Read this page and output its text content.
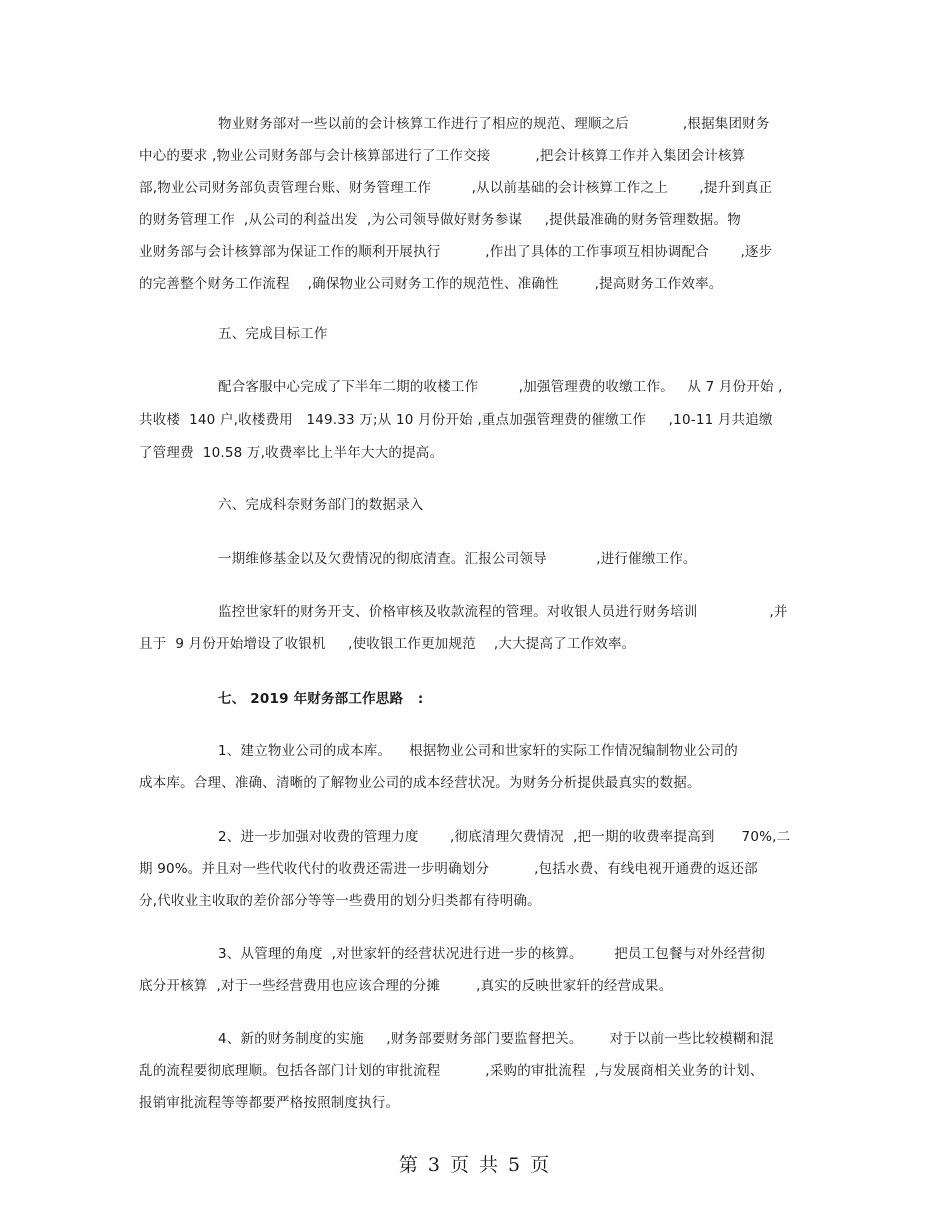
物业财务部对一些以前的会计核算工作进行了相应的规范、理顺之后            ,根据集团财务
中心的要求 ,物业公司财务部与会计核算部进行了工作交接          ,把会计核算工作并入集团会计核算
部,物业公司财务部负责管理台账、财务管理工作         ,从以前基础的会计核算工作之上       ,提升到真正
的财务管理工作  ,从公司的利益出发  ,为公司领导做好财务参谋     ,提供最准确的财务管理数据。物
业财务部与会计核算部为保证工作的顺利开展执行          ,作出了具体的工作事项互相协调配合       ,逐步
的完善整个财务工作流程    ,确保物业公司财务工作的规范性、准确性        ,提高财务工作效率。
五、完成目标工作
配合客服中心完成了下半年二期的收楼工作         ,加强管理费的收缴工作。   从 7 月份开始 ,
共收楼  140 户,收楼费用   149.33 万;从 10 月份开始 ,重点加强管理费的催缴工作     ,10-11 月共追缴
了管理费  10.58 万,收费率比上半年大大的提高。
六、完成科奈财务部门的数据录入
一期维修基金以及欠费情况的彻底清查。汇报公司领导           ,进行催缴工作。
监控世家轩的财务开支、价格审核及收款流程的管理。对收银人员进行财务培训                ,并
且于  9 月份开始增设了收银机     ,使收银工作更加规范    ,大大提高了工作效率。
七、 2019 年财务部工作思路   :
1、建立物业公司的成本库。    根据物业公司和世家轩的实际工作情况编制物业公司的
成本库。合理、准确、清晰的了解物业公司的成本经营状况。为财务分析提供最真实的数据。
2、进一步加强对收费的管理力度       ,彻底清理欠费情况  ,把一期的收费率提高到      70%,二
期 90%。并且对一些代收代付的收费还需进一步明确划分          ,包括水费、有线电视开通费的返还部
分,代收业主收取的差价部分等等一些费用的划分归类都有待明确。
3、从管理的角度  ,对世家轩的经营状况进行进一步的核算。       把员工包餐与对外经营彻
底分开核算  ,对于一些经营费用也应该合理的分摊        ,真实的反映世家轩的经营成果。
4、新的财务制度的实施     ,财务部要财务部门要监督把关。      对于以前一些比较模糊和混
乱的流程要彻底理顺。包括各部门计划的审批流程          ,采购的审批流程  ,与发展商相关业务的计划、
报销审批流程等等都要严格按照制度执行。
第 3 页 共 5 页
